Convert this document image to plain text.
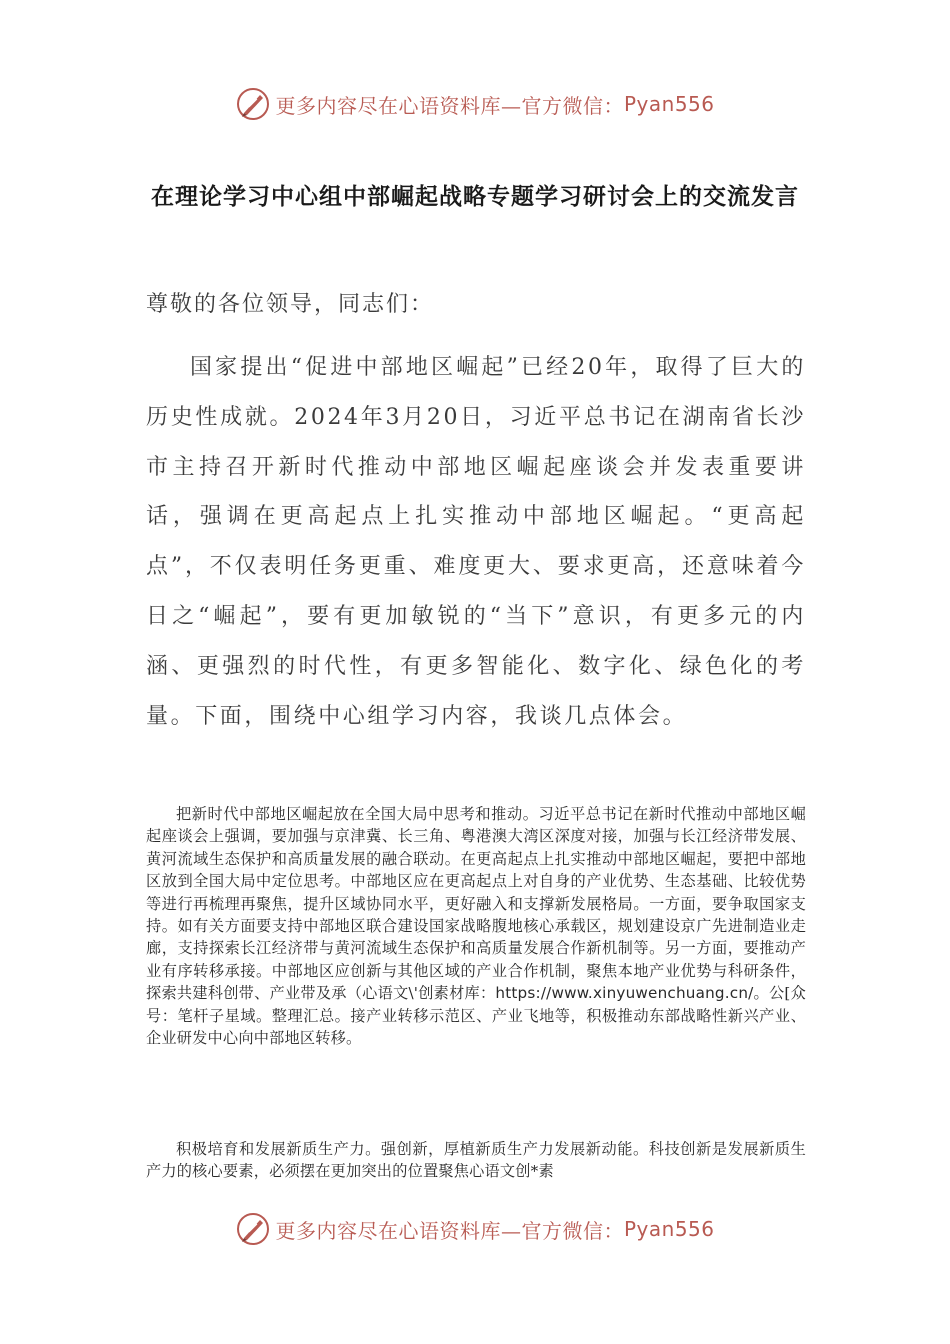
更多内容尽在心语资料库—官方微信： Pyan556
在理论学习中心组中部崛起战略专题学习研讨会上的交流发言
尊敬的各位领导，同志们：
国家提出“促进中部地区崛起”已经20年，取得了巨大的历史性成就。2024年3月20日，习近平总书记在湖南省长沙市主持召开新时代推动中部地区崛起座谈会并发表重要讲话，强调在更高起点上扎实推动中部地区崛起。“更高起点”，不仅表明任务更重、难度更大、要求更高，还意味着今日之“崛起”，要有更加敏锐的“当下”意识，有更多元的内涵、更强烈的时代性，有更多智能化、数字化、绿色化的考量。下面，围绕中心组学习内容，我谈几点体会。
把新时代中部地区崛起放在全国大局中思考和推动。习近平总书记在新时代推动中部地区崛起座谈会上强调，要加强与京津冀、长三角、粤港澳大湾区深度对接，加强与长江经济带发展、黄河流域生态保护和高质量发展的融合联动。在更高起点上扎实推动中部地区崛起，要把中部地区放到全国大局中定位思考。中部地区应在更高起点上对自身的产业优势、生态基础、比较优势等进行再梳理再聚焦，提升区域协同水平，更好融入和支撑新发展格局。一方面，要争取国家支持。如有关方面要支持中部地区联合建设国家战略腹地核心承载区，规划建设京广先进制造业走廊，支持探索长江经济带与黄河流域生态保护和高质量发展合作新机制等。另一方面，要推动产业有序转移承接。中部地区应创新与其他区域的产业合作机制，聚焦本地产业优势与科研条件，探索共建科创带、产业带及承（心语文\'创素材库：https://www.xinyuwenchuang.cn/。公[众号：笔杆子星域。整理汇总。接产业转移示范区、产业飞地等，积极推动东部战略性新兴产业、企业研发中心向中部地区转移。
积极培育和发展新质生产力。强创新，厚植新质生产力发展新动能。科技创新是发展新质生产力的核心要素，必须摆在更加突出的位置聚焦心语文创*素
更多内容尽在心语资料库—官方微信： Pyan556
